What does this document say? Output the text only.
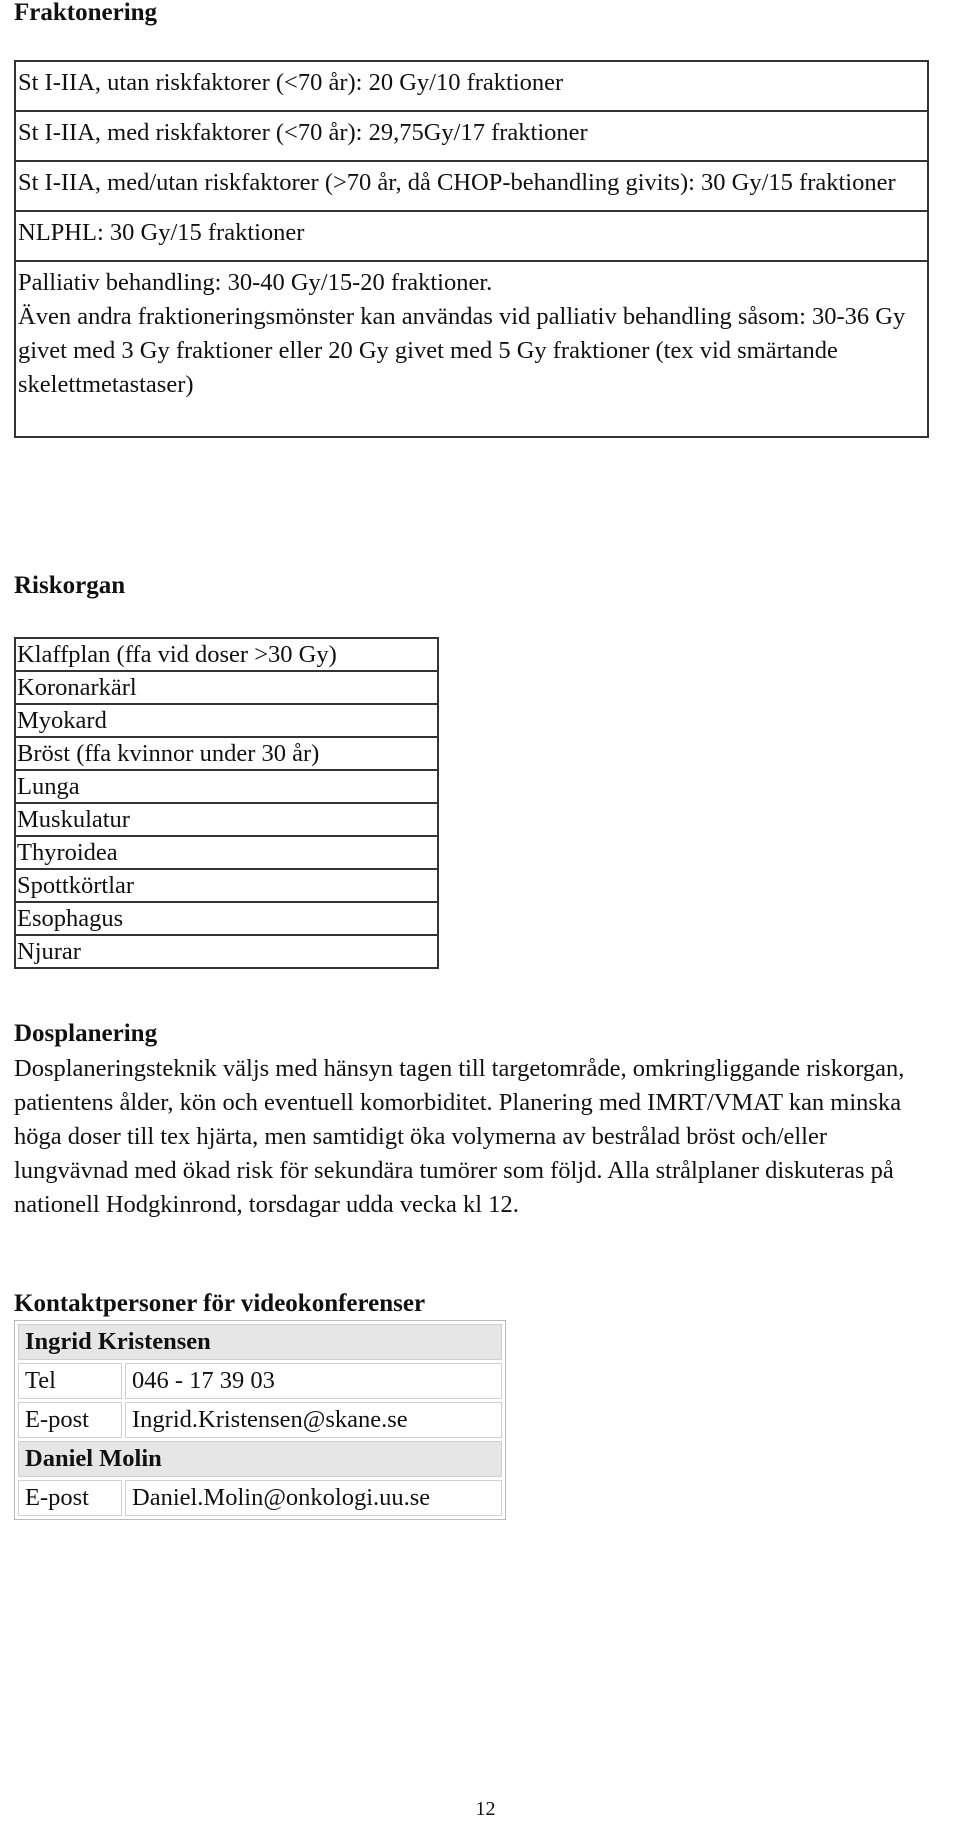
Fraktonering
St I-IIA, utan riskfaktorer (<70 år): 20 Gy/10 fraktioner
St I-IIA, med riskfaktorer (<70 år): 29,75Gy/17 fraktioner
St I-IIA, med/utan riskfaktorer (>70 år, då CHOP-behandling givits): 30 Gy/15 fraktioner
NLPHL: 30 Gy/15 fraktioner
Palliativ behandling: 30-40 Gy/15-20 fraktioner.
Även andra fraktioneringsmönster kan användas vid palliativ behandling såsom: 30-36 Gy givet med 3 Gy fraktioner eller 20 Gy givet med 5 Gy fraktioner (tex vid smärtande skelettmetastaser)
Riskorgan
Klaffplan (ffa vid doser >30 Gy)
Koronarkärl
Myokard
Bröst (ffa kvinnor under 30 år)
Lunga
Muskulatur
Thyroidea
Spottkörtlar
Esophagus
Njurar
Dosplanering

Dosplaneringsteknik väljs med hänsyn tagen till targetområde, omkringliggande riskorgan, patientens ålder, kön och eventuell komorbiditet. Planering med IMRT/VMAT kan minska höga doser till tex hjärta, men samtidigt öka volymerna av bestrålad bröst och/eller lungvävnad med ökad risk för sekundära tumörer som följd. Alla strålplaner diskuteras på nationell Hodgkinrond, torsdagar udda vecka kl 12.

Kontaktpersoner för videokonferenser
Ingrid Kristensen	
Tel	046 - 17 39 03
E-post	Ingrid.Kristensen@skane.se
Daniel Molin	
E-post	Daniel.Molin@onkologi.uu.se
12
